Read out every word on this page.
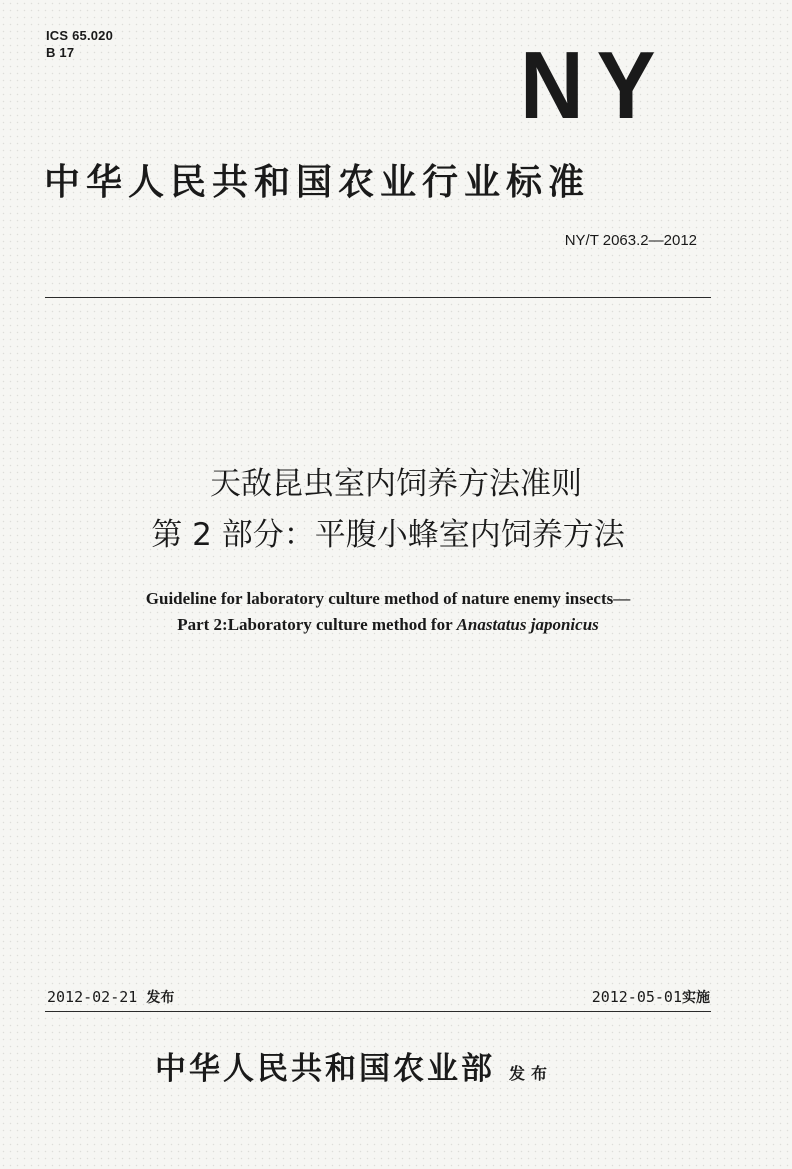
ICS 65.020
B 17	NY
中华人民共和国农业行业标准
NY/T 2063.2—2012
天敌昆虫室内饲养方法准则
第 2 部分：平腹小蜂室内饲养方法
Guideline for laboratory culture method of nature enemy insects—
Part 2:Laboratory culture method for Anastatus japonicus
2012-02-21 发布	2012-05-01实施
中华人民共和国农业部 发布
